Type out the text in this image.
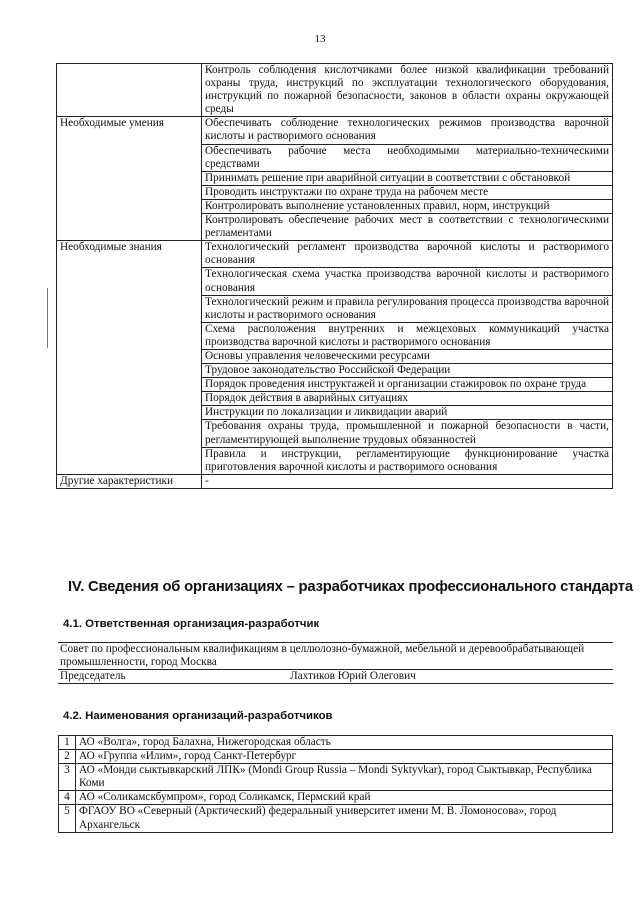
13
	Контроль соблюдения кислотчиками более низкой квалификации требований охраны труда, инструкций по эксплуатации технологического оборудования, инструкций по пожарной безопасности, законов в области охраны окружающей среды
Необходимые умения	Обеспечивать соблюдение технологических режимов производства варочной кислоты и растворимого основания
	Обеспечивать рабочие места необходимыми материально-техническими средствами
	Принимать решение при аварийной ситуации в соответствии с обстановкой
	Проводить инструктажи по охране труда на рабочем месте
	Контролировать выполнение установленных правил, норм, инструкций
	Контролировать обеспечение рабочих мест в соответствии с технологическими регламентами
Необходимые знания	Технологический регламент производства варочной кислоты и растворимого основания
	Технологическая схема участка производства варочной кислоты и растворимого основания
	Технологический режим и правила регулирования процесса производства варочной кислоты и растворимого основания
	Схема расположения внутренних и межцеховых коммуникаций участка производства варочной кислоты и растворимого основания
	Основы управления человеческими ресурсами
	Трудовое законодательство Российской Федерации
	Порядок проведения инструктажей и организации стажировок по охране труда
	Порядок действия в аварийных ситуациях
	Инструкции по локализации и ликвидации аварий
	Требования охраны труда, промышленной и пожарной безопасности в части, регламентирующей выполнение трудовых обязанностей
	Правила и инструкции, регламентирующие функционирование участка приготовления варочной кислоты и растворимого основания
Другие характеристики	-
IV. Сведения об организациях – разработчиках профессионального стандарта
4.1. Ответственная организация-разработчик
Совет по профессиональным квалификациям в целлюлозно-бумажной, мебельной и деревообрабатывающей промышленности, город Москва
Председатель	Лахтиков Юрий Олегович
4.2. Наименования организаций-разработчиков
1	АО «Волга», город Балахна, Нижегородская область
2	АО «Группа «Илим», город Санкт-Петербург
3	АО «Монди сыктывкарский ЛПК» (Mondi Group Russia – Mondi Syktyvkar), город Сыктывкар, Республика Коми
4	АО «Соликамскбумпром», город Соликамск, Пермский край
5	ФГАОУ ВО «Северный (Арктический) федеральный университет имени М. В. Ломоносова», город Архангельск
